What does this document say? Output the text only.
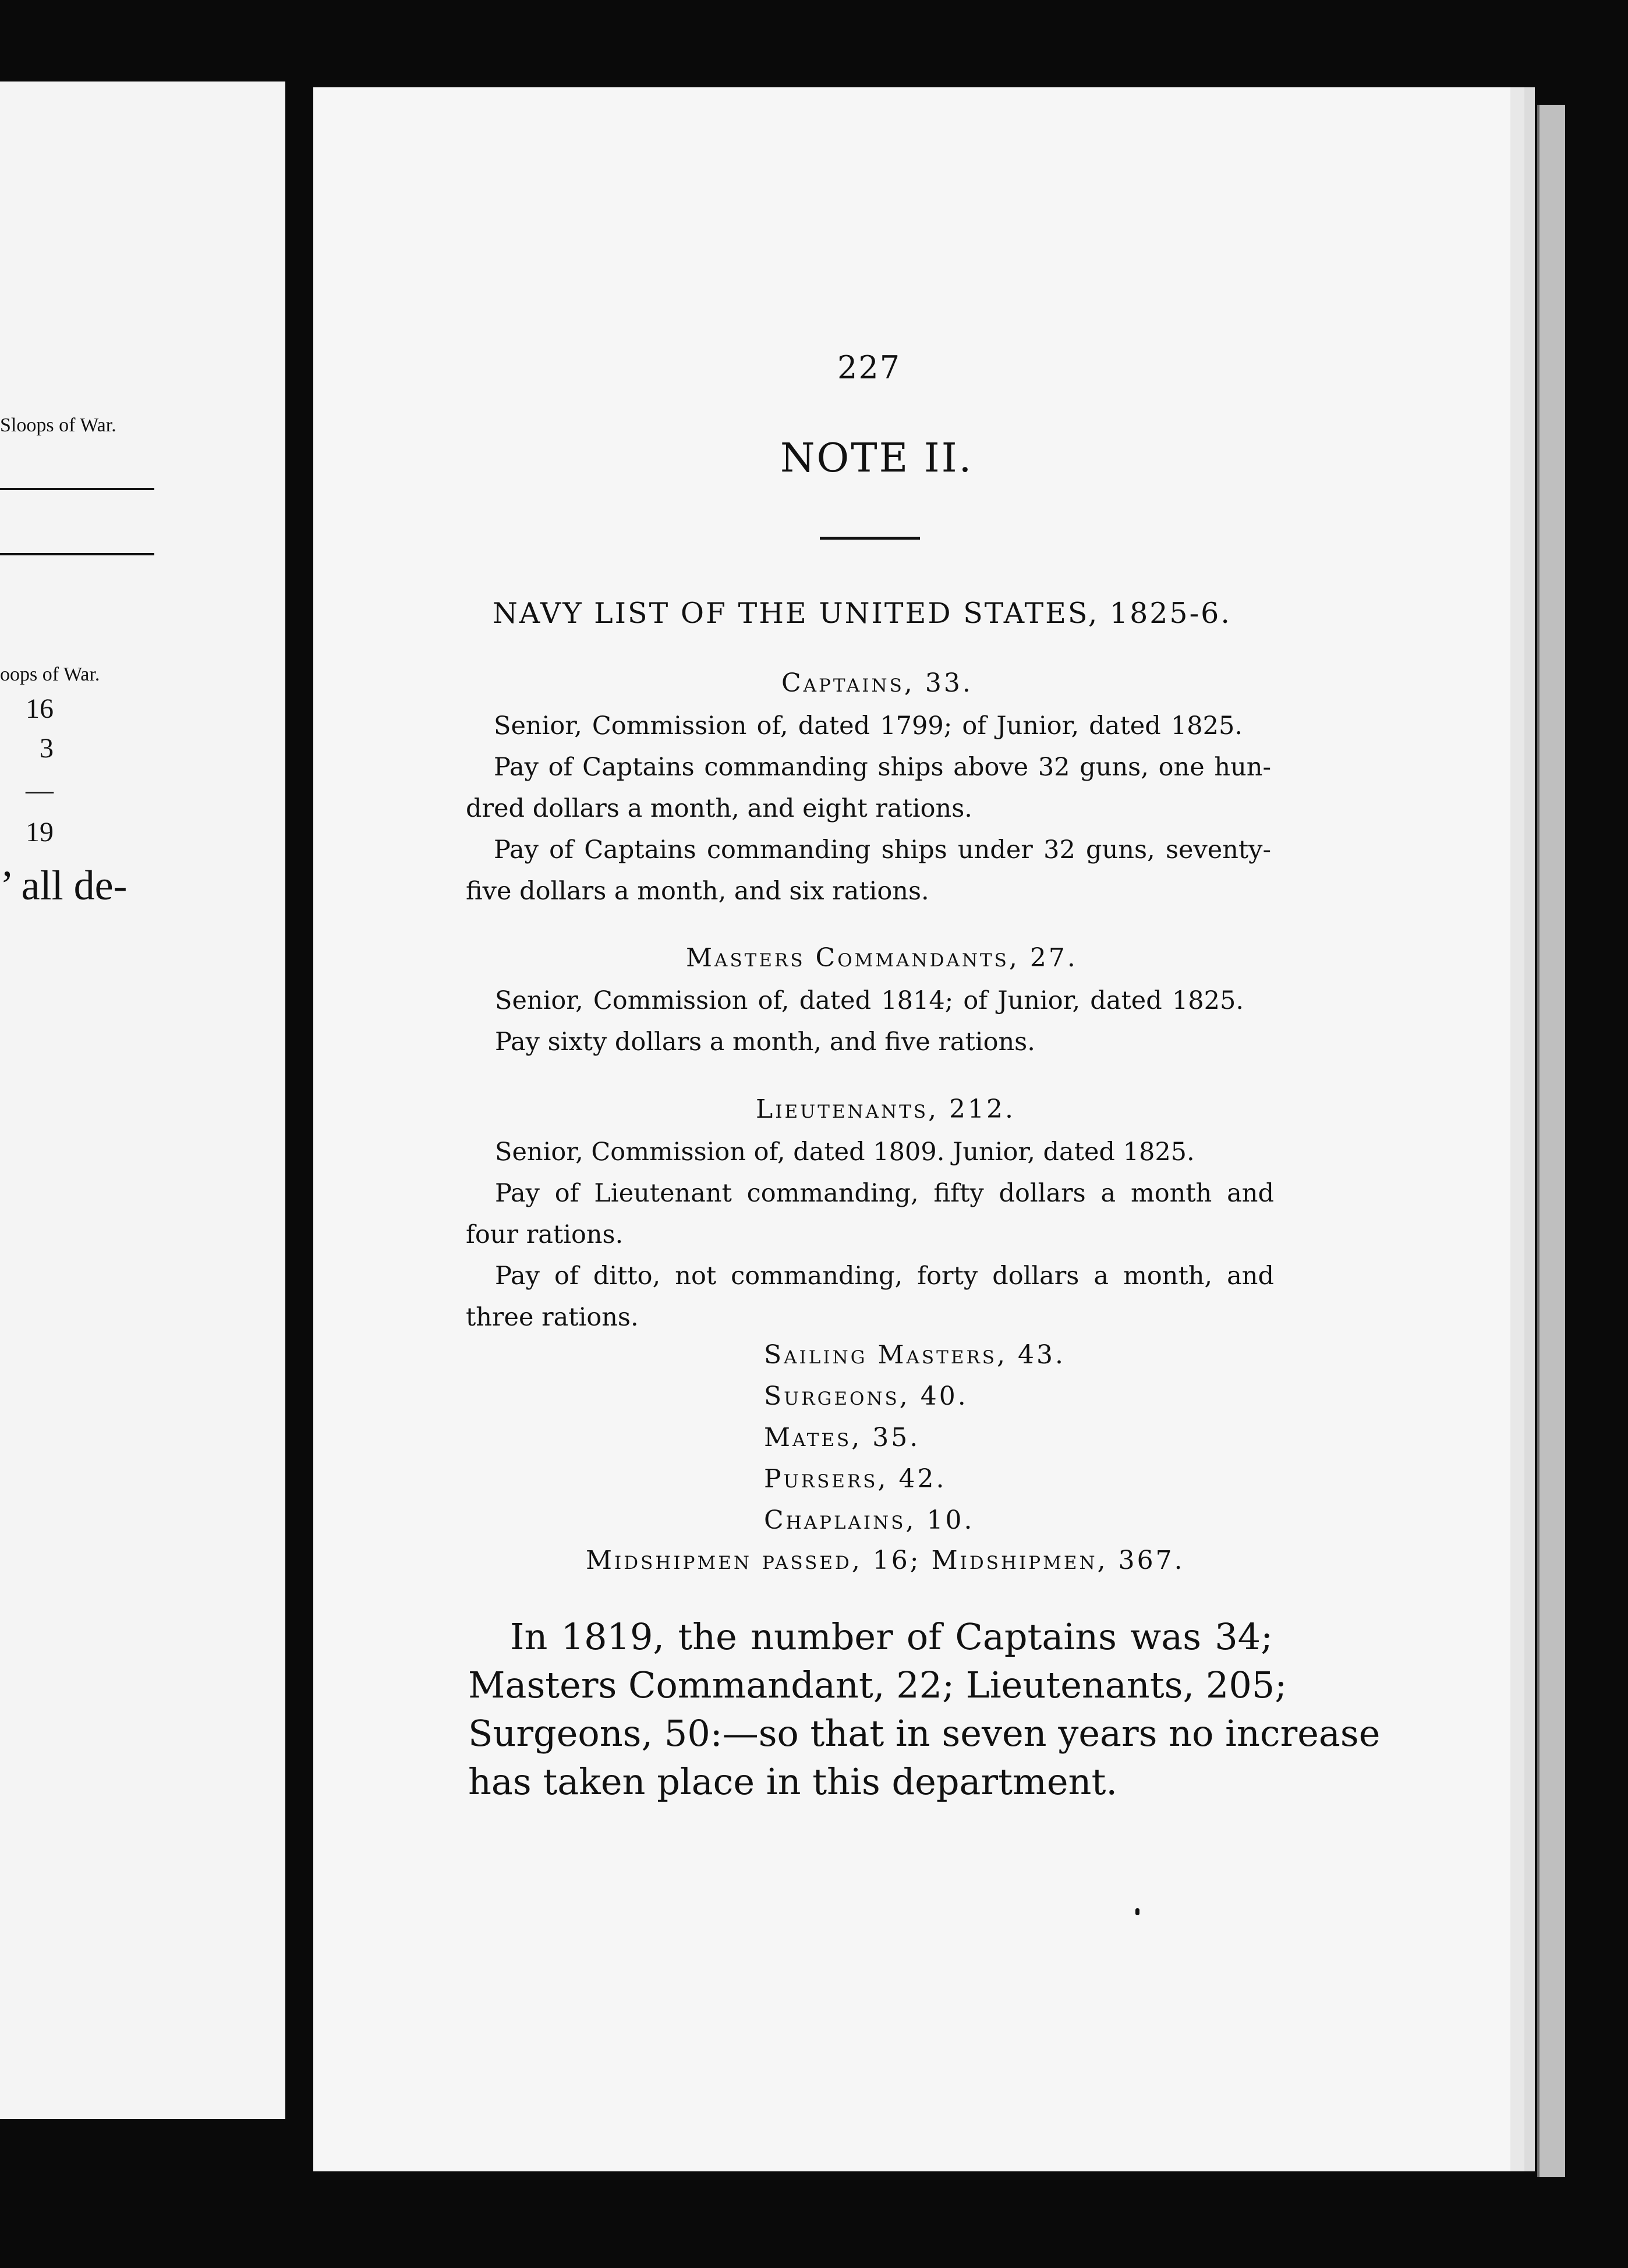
Sloops of War.
oops of War.
16
3
—
19
’ all de-
227
NOTE II.
NAVY LIST OF THE UNITED STATES, 1825-6.
Captains, 33.
Senior, Commission of, dated 1799; of Junior, dated 1825.
Pay of Captains commanding ships above 32 guns, one hun-
dred dollars a month, and eight rations.
Pay of Captains commanding ships under 32 guns, seventy-
five dollars a month, and six rations.
Masters Commandants, 27.
Senior, Commission of, dated 1814; of Junior, dated 1825.
Pay sixty dollars a month, and five rations.
Lieutenants, 212.
Senior, Commission of, dated 1809. Junior, dated 1825.
Pay of Lieutenant commanding, fifty dollars a month and
four rations.
Pay of ditto, not commanding, forty dollars a month, and
three rations.
Sailing Masters, 43.
Surgeons, 40.
Mates, 35.
Pursers, 42.
Chaplains, 10.
Midshipmen passed, 16; Midshipmen, 367.
In 1819, the number of Captains was 34;
Masters Commandant, 22; Lieutenants, 205;
Surgeons, 50:—so that in seven years no increase
has taken place in this department.
